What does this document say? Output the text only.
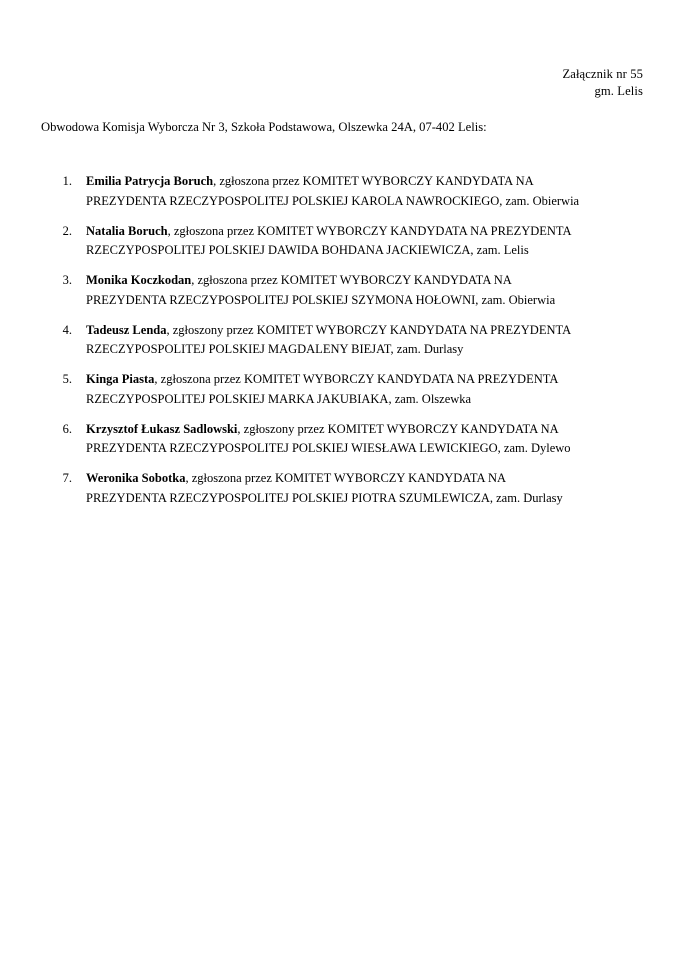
Załącznik nr 55
gm. Lelis
Obwodowa Komisja Wyborcza Nr 3, Szkoła Podstawowa, Olszewka 24A, 07-402 Lelis:
1. Emilia Patrycja Boruch, zgłoszona przez KOMITET WYBORCZY KANDYDATA NA
PREZYDENTA RZECZYPOSPOLITEJ POLSKIEJ KAROLA NAWROCKIEGO, zam. Obierwia
2. Natalia Boruch, zgłoszona przez KOMITET WYBORCZY KANDYDATA NA PREZYDENTA
RZECZYPOSPOLITEJ POLSKIEJ DAWIDA BOHDANA JACKIEWICZA, zam. Lelis
3. Monika Koczkodan, zgłoszona przez KOMITET WYBORCZY KANDYDATA NA
PREZYDENTA RZECZYPOSPOLITEJ POLSKIEJ SZYMONA HOŁOWNI, zam. Obierwia
4. Tadeusz Lenda, zgłoszony przez KOMITET WYBORCZY KANDYDATA NA PREZYDENTA
RZECZYPOSPOLITEJ POLSKIEJ MAGDALENY BIEJAT, zam. Durlasy
5. Kinga Piasta, zgłoszona przez KOMITET WYBORCZY KANDYDATA NA PREZYDENTA
RZECZYPOSPOLITEJ POLSKIEJ MARKA JAKUBIAKA, zam. Olszewka
6. Krzysztof Łukasz Sadlowski, zgłoszony przez KOMITET WYBORCZY KANDYDATA NA
PREZYDENTA RZECZYPOSPOLITEJ POLSKIEJ WIESŁAWA LEWICKIEGO, zam. Dylewo
7. Weronika Sobotka, zgłoszona przez KOMITET WYBORCZY KANDYDATA NA
PREZYDENTA RZECZYPOSPOLITEJ POLSKIEJ PIOTRA SZUMLEWICZA, zam. Durlasy
